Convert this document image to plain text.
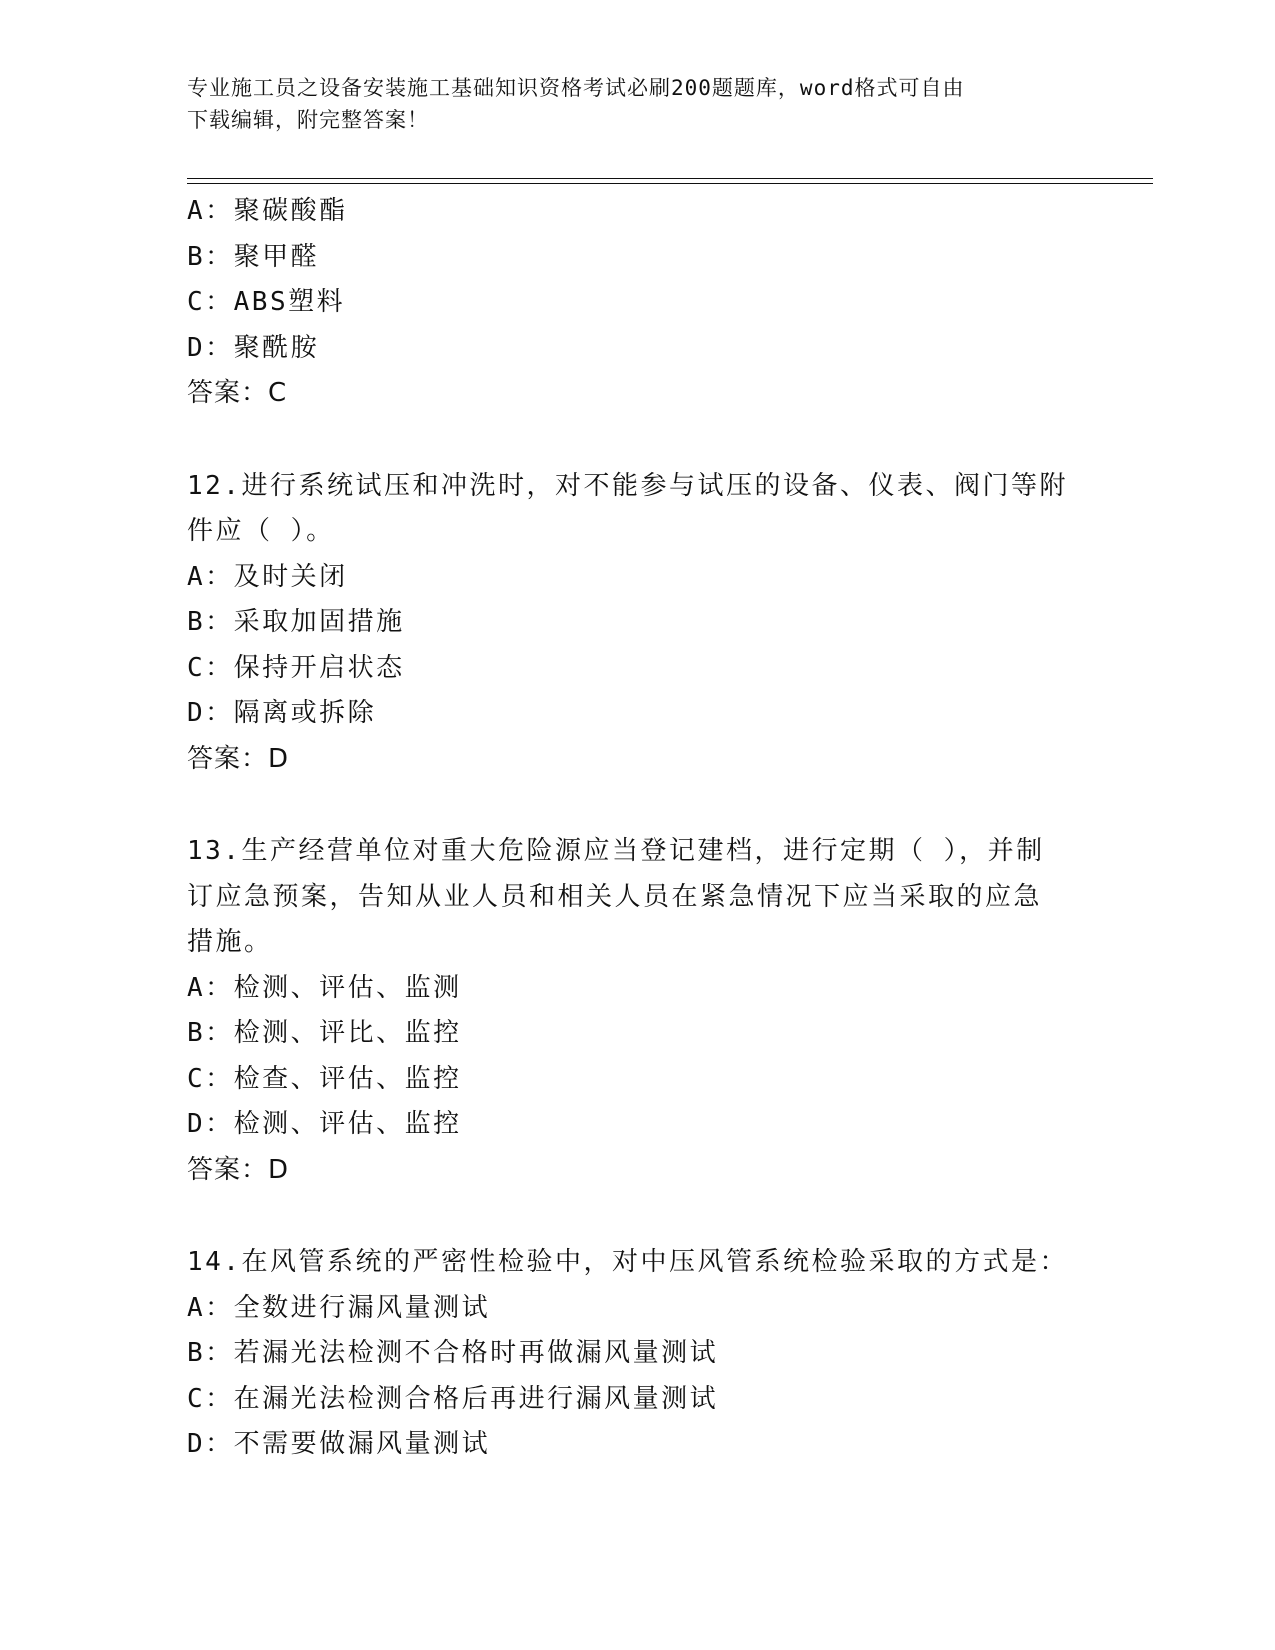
专业施工员之设备安装施工基础知识资格考试必刷200题题库，word格式可自由
下载编辑，附完整答案！
A：聚碳酸酯
B：聚甲醛
C：ABS塑料
D：聚酰胺
答案：C
12.进行系统试压和冲洗时，对不能参与试压的设备、仪表、阀门等附
件应（ ）。
A：及时关闭
B：采取加固措施
C：保持开启状态
D：隔离或拆除
答案：D
13.生产经营单位对重大危险源应当登记建档，进行定期（ ），并制
订应急预案，告知从业人员和相关人员在紧急情况下应当采取的应急
措施。
A：检测、评估、监测
B：检测、评比、监控
C：检查、评估、监控
D：检测、评估、监控
答案：D
14.在风管系统的严密性检验中，对中压风管系统检验采取的方式是：
A：全数进行漏风量测试
B：若漏光法检测不合格时再做漏风量测试
C：在漏光法检测合格后再进行漏风量测试
D：不需要做漏风量测试
